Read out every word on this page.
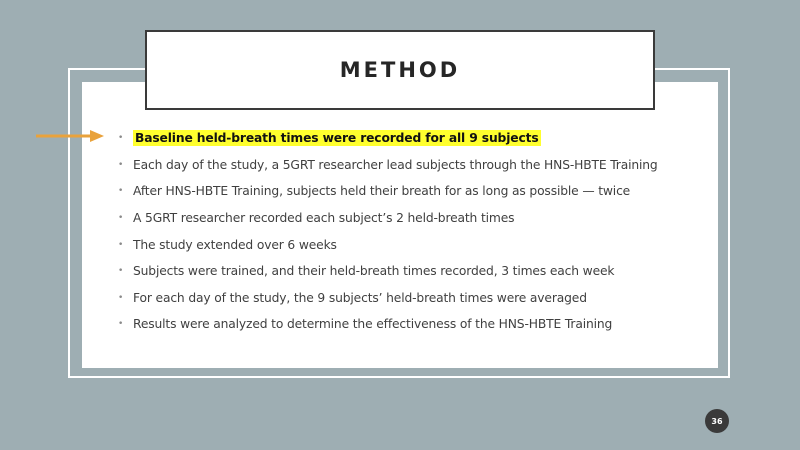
METHOD
• Baseline held-breath times were recorded for all 9 subjects
• Each day of the study, a 5GRT researcher lead subjects through the HNS-HBTE Training
• After HNS-HBTE Training, subjects held their breath for as long as possible — twice
• A 5GRT researcher recorded each subject’s 2 held-breath times
• The study extended over 6 weeks
• Subjects were trained, and their held-breath times recorded, 3 times each week
• For each day of the study, the 9 subjects’ held-breath times were averaged
• Results were analyzed to determine the effectiveness of the HNS-HBTE Training
36
